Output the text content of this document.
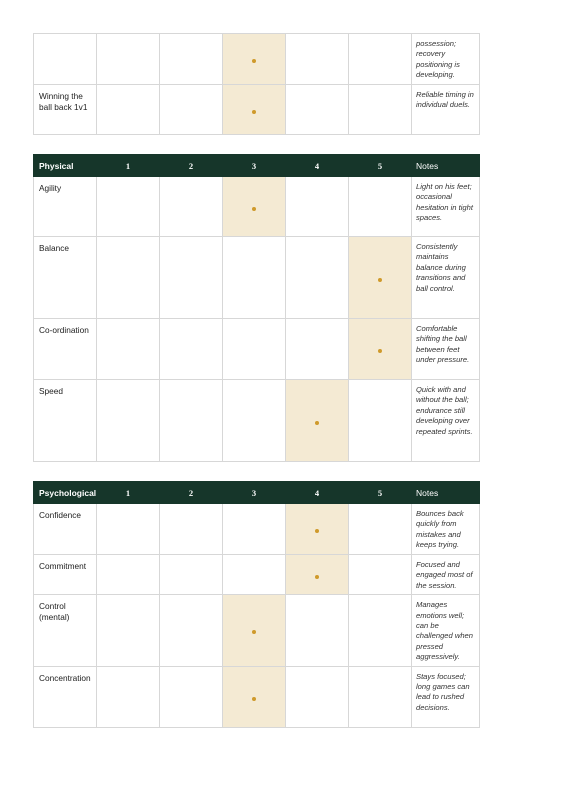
						possession; recovery positioning is developing.
Winning the ball back 1v1						Reliable timing in individual duels.
Physical	1	2	3	4	5	Notes
Agility						Light on his feet; occasional hesitation in tight spaces.
Balance						Consistently maintains balance during transitions and ball control.
Co-ordination						Comfortable shifting the ball between feet under pressure.
Speed						Quick with and without the ball; endurance still developing over repeated sprints.
Psychological	1	2	3	4	5	Notes
Confidence						Bounces back quickly from mistakes and keeps trying.
Commitment						Focused and engaged most of the session.
Control (mental)						Manages emotions well; can be challenged when pressed aggressively.
Concentration						Stays focused; long games can lead to rushed decisions.
